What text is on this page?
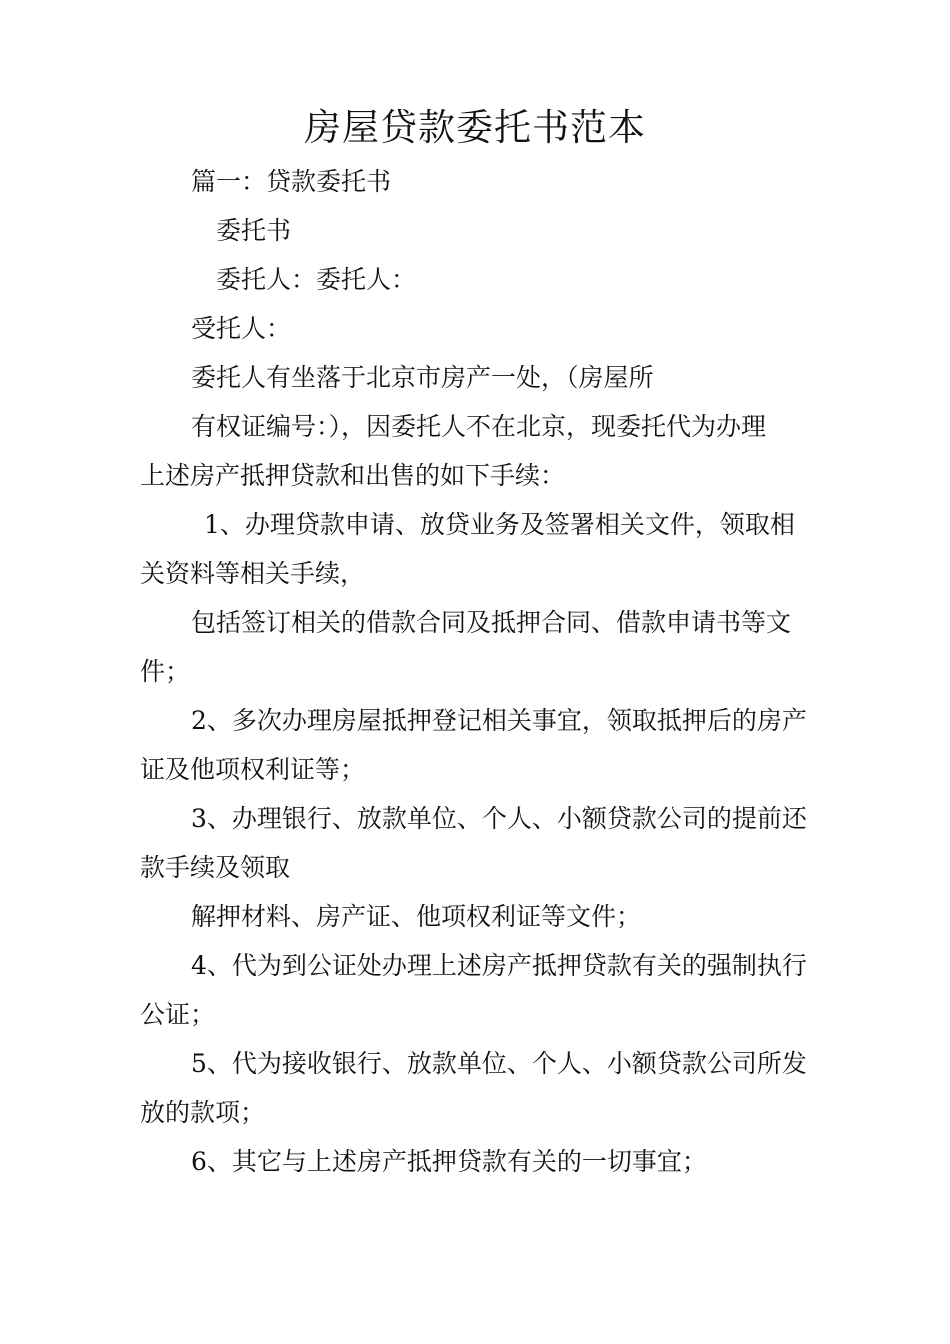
房屋贷款委托书范本

篇一：贷款委托书

委托书

委托人：委托人：

受托人：

委托人有坐落于北京市房产一处，（房屋所

有权证编号：），因委托人不在北京，现委托代为办理

上述房产抵押贷款和出售的如下手续：

1、办理贷款申请、放贷业务及签署相关文件，领取相

关资料等相关手续，

包括签订相关的借款合同及抵押合同、借款申请书等文

件；

2、多次办理房屋抵押登记相关事宜，领取抵押后的房产

证及他项权利证等；

3、办理银行、放款单位、个人、小额贷款公司的提前还

款手续及领取

解押材料、房产证、他项权利证等文件；

4、代为到公证处办理上述房产抵押贷款有关的强制执行

公证；

5、代为接收银行、放款单位、个人、小额贷款公司所发

放的款项；

6、其它与上述房产抵押贷款有关的一切事宜；
